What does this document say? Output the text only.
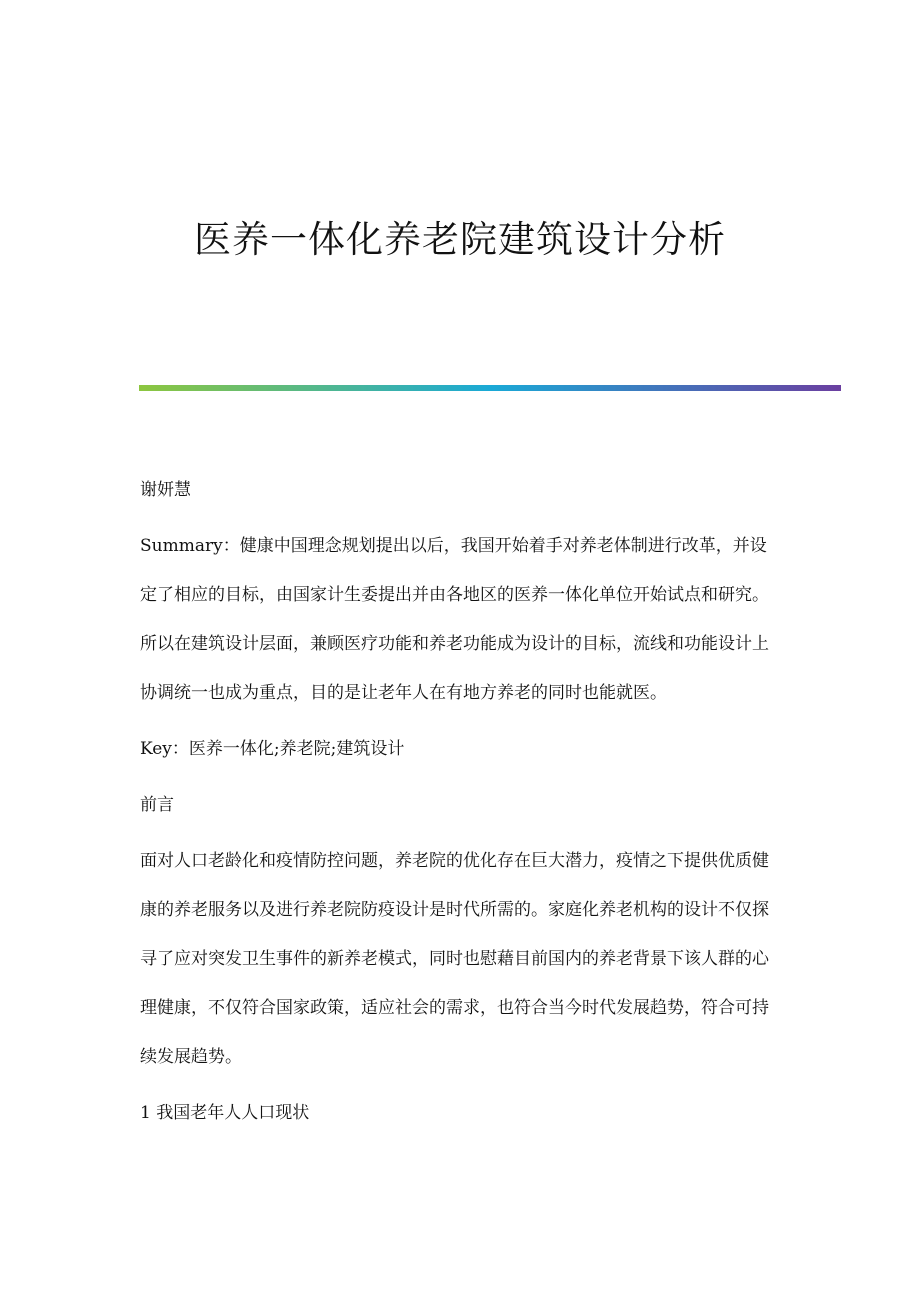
医养一体化养老院建筑设计分析

谢妍慧

Summary：健康中国理念规划提出以后，我国开始着手对养老体制进行改革，并设定了相应的目标，由国家计生委提出并由各地区的医养一体化单位开始试点和研究。所以在建筑设计层面，兼顾医疗功能和养老功能成为设计的目标，流线和功能设计上协调统一也成为重点，目的是让老年人在有地方养老的同时也能就医。

Key：医养一体化;养老院;建筑设计

前言

面对人口老龄化和疫情防控问题，养老院的优化存在巨大潜力，疫情之下提供优质健康的养老服务以及进行养老院防疫设计是时代所需的。家庭化养老机构的设计不仅探寻了应对突发卫生事件的新养老模式，同时也慰藉目前国内的养老背景下该人群的心理健康，不仅符合国家政策，适应社会的需求，也符合当今时代发展趋势，符合可持续发展趋势。

1 我国老年人人口现状
